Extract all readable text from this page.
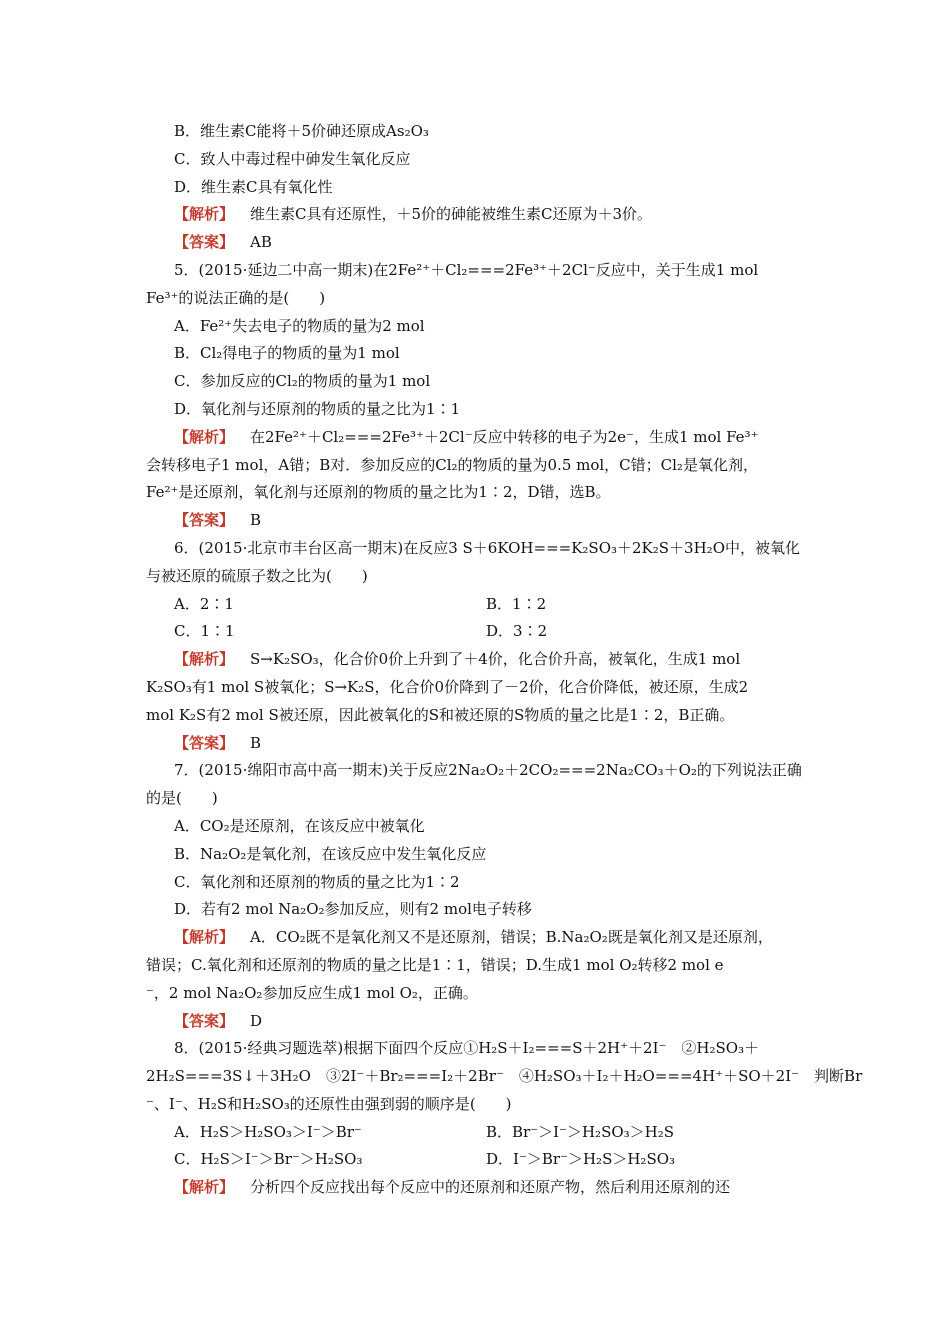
B．维生素C能将＋5价砷还原成As₂O₃
C．致人中毒过程中砷发生氧化反应
D．维生素C具有氧化性
【解析】 维生素C具有还原性，＋5价的砷能被维生素C还原为＋3价。
【答案】 AB
5．(2015·延边二中高一期末)在2Fe²⁺＋Cl₂===2Fe³⁺＋2Cl⁻反应中，关于生成1 mol
Fe³⁺的说法正确的是(　　)
A．Fe²⁺失去电子的物质的量为2 mol
B．Cl₂得电子的物质的量为1 mol
C．参加反应的Cl₂的物质的量为1 mol
D．氧化剂与还原剂的物质的量之比为1∶1
【解析】 在2Fe²⁺＋Cl₂===2Fe³⁺＋2Cl⁻反应中转移的电子为2e⁻，生成1 mol Fe³⁺
会转移电子1 mol，A错；B对．参加反应的Cl₂的物质的量为0.5 mol，C错；Cl₂是氧化剂，
Fe²⁺是还原剂，氧化剂与还原剂的物质的量之比为1∶2，D错，选B。
【答案】 B
6．(2015·北京市丰台区高一期末)在反应3 S＋6KOH===K₂SO₃＋2K₂S＋3H₂O中，被氧化
与被还原的硫原子数之比为(　　)
A．2∶1	B．1∶2
C．1∶1	D．3∶2
【解析】 S→K₂SO₃，化合价0价上升到了＋4价，化合价升高，被氧化，生成1 mol
K₂SO₃有1 mol S被氧化；S→K₂S，化合价0价降到了－2价，化合价降低，被还原，生成2
mol K₂S有2 mol S被还原，因此被氧化的S和被还原的S物质的量之比是1∶2，B正确。
【答案】 B
7．(2015·绵阳市高中高一期末)关于反应2Na₂O₂＋2CO₂===2Na₂CO₃＋O₂的下列说法正确
的是(　　)
A．CO₂是还原剂，在该反应中被氧化
B．Na₂O₂是氧化剂，在该反应中发生氧化反应
C．氧化剂和还原剂的物质的量之比为1∶2
D．若有2 mol Na₂O₂参加反应，则有2 mol电子转移
【解析】 A．CO₂既不是氧化剂又不是还原剂，错误；B.Na₂O₂既是氧化剂又是还原剂，
错误；C.氧化剂和还原剂的物质的量之比是1∶1，错误；D.生成1 mol O₂转移2 mol e
⁻，2 mol Na₂O₂参加反应生成1 mol O₂，正确。
【答案】 D
8．(2015·经典习题选萃)根据下面四个反应①H₂S＋I₂===S＋2H⁺＋2I⁻　②H₂SO₃＋
2H₂S===3S↓＋3H₂O　③2I⁻＋Br₂===I₂＋2Br⁻　④H₂SO₃＋I₂＋H₂O===4H⁺＋SO＋2I⁻　判断Br
⁻、I⁻、H₂S和H₂SO₃的还原性由强到弱的顺序是(　　)
A．H₂S＞H₂SO₃＞I⁻＞Br⁻	B．Br⁻＞I⁻＞H₂SO₃＞H₂S
C．H₂S＞I⁻＞Br⁻＞H₂SO₃	D．I⁻＞Br⁻＞H₂S＞H₂SO₃
【解析】 分析四个反应找出每个反应中的还原剂和还原产物，然后利用还原剂的还
